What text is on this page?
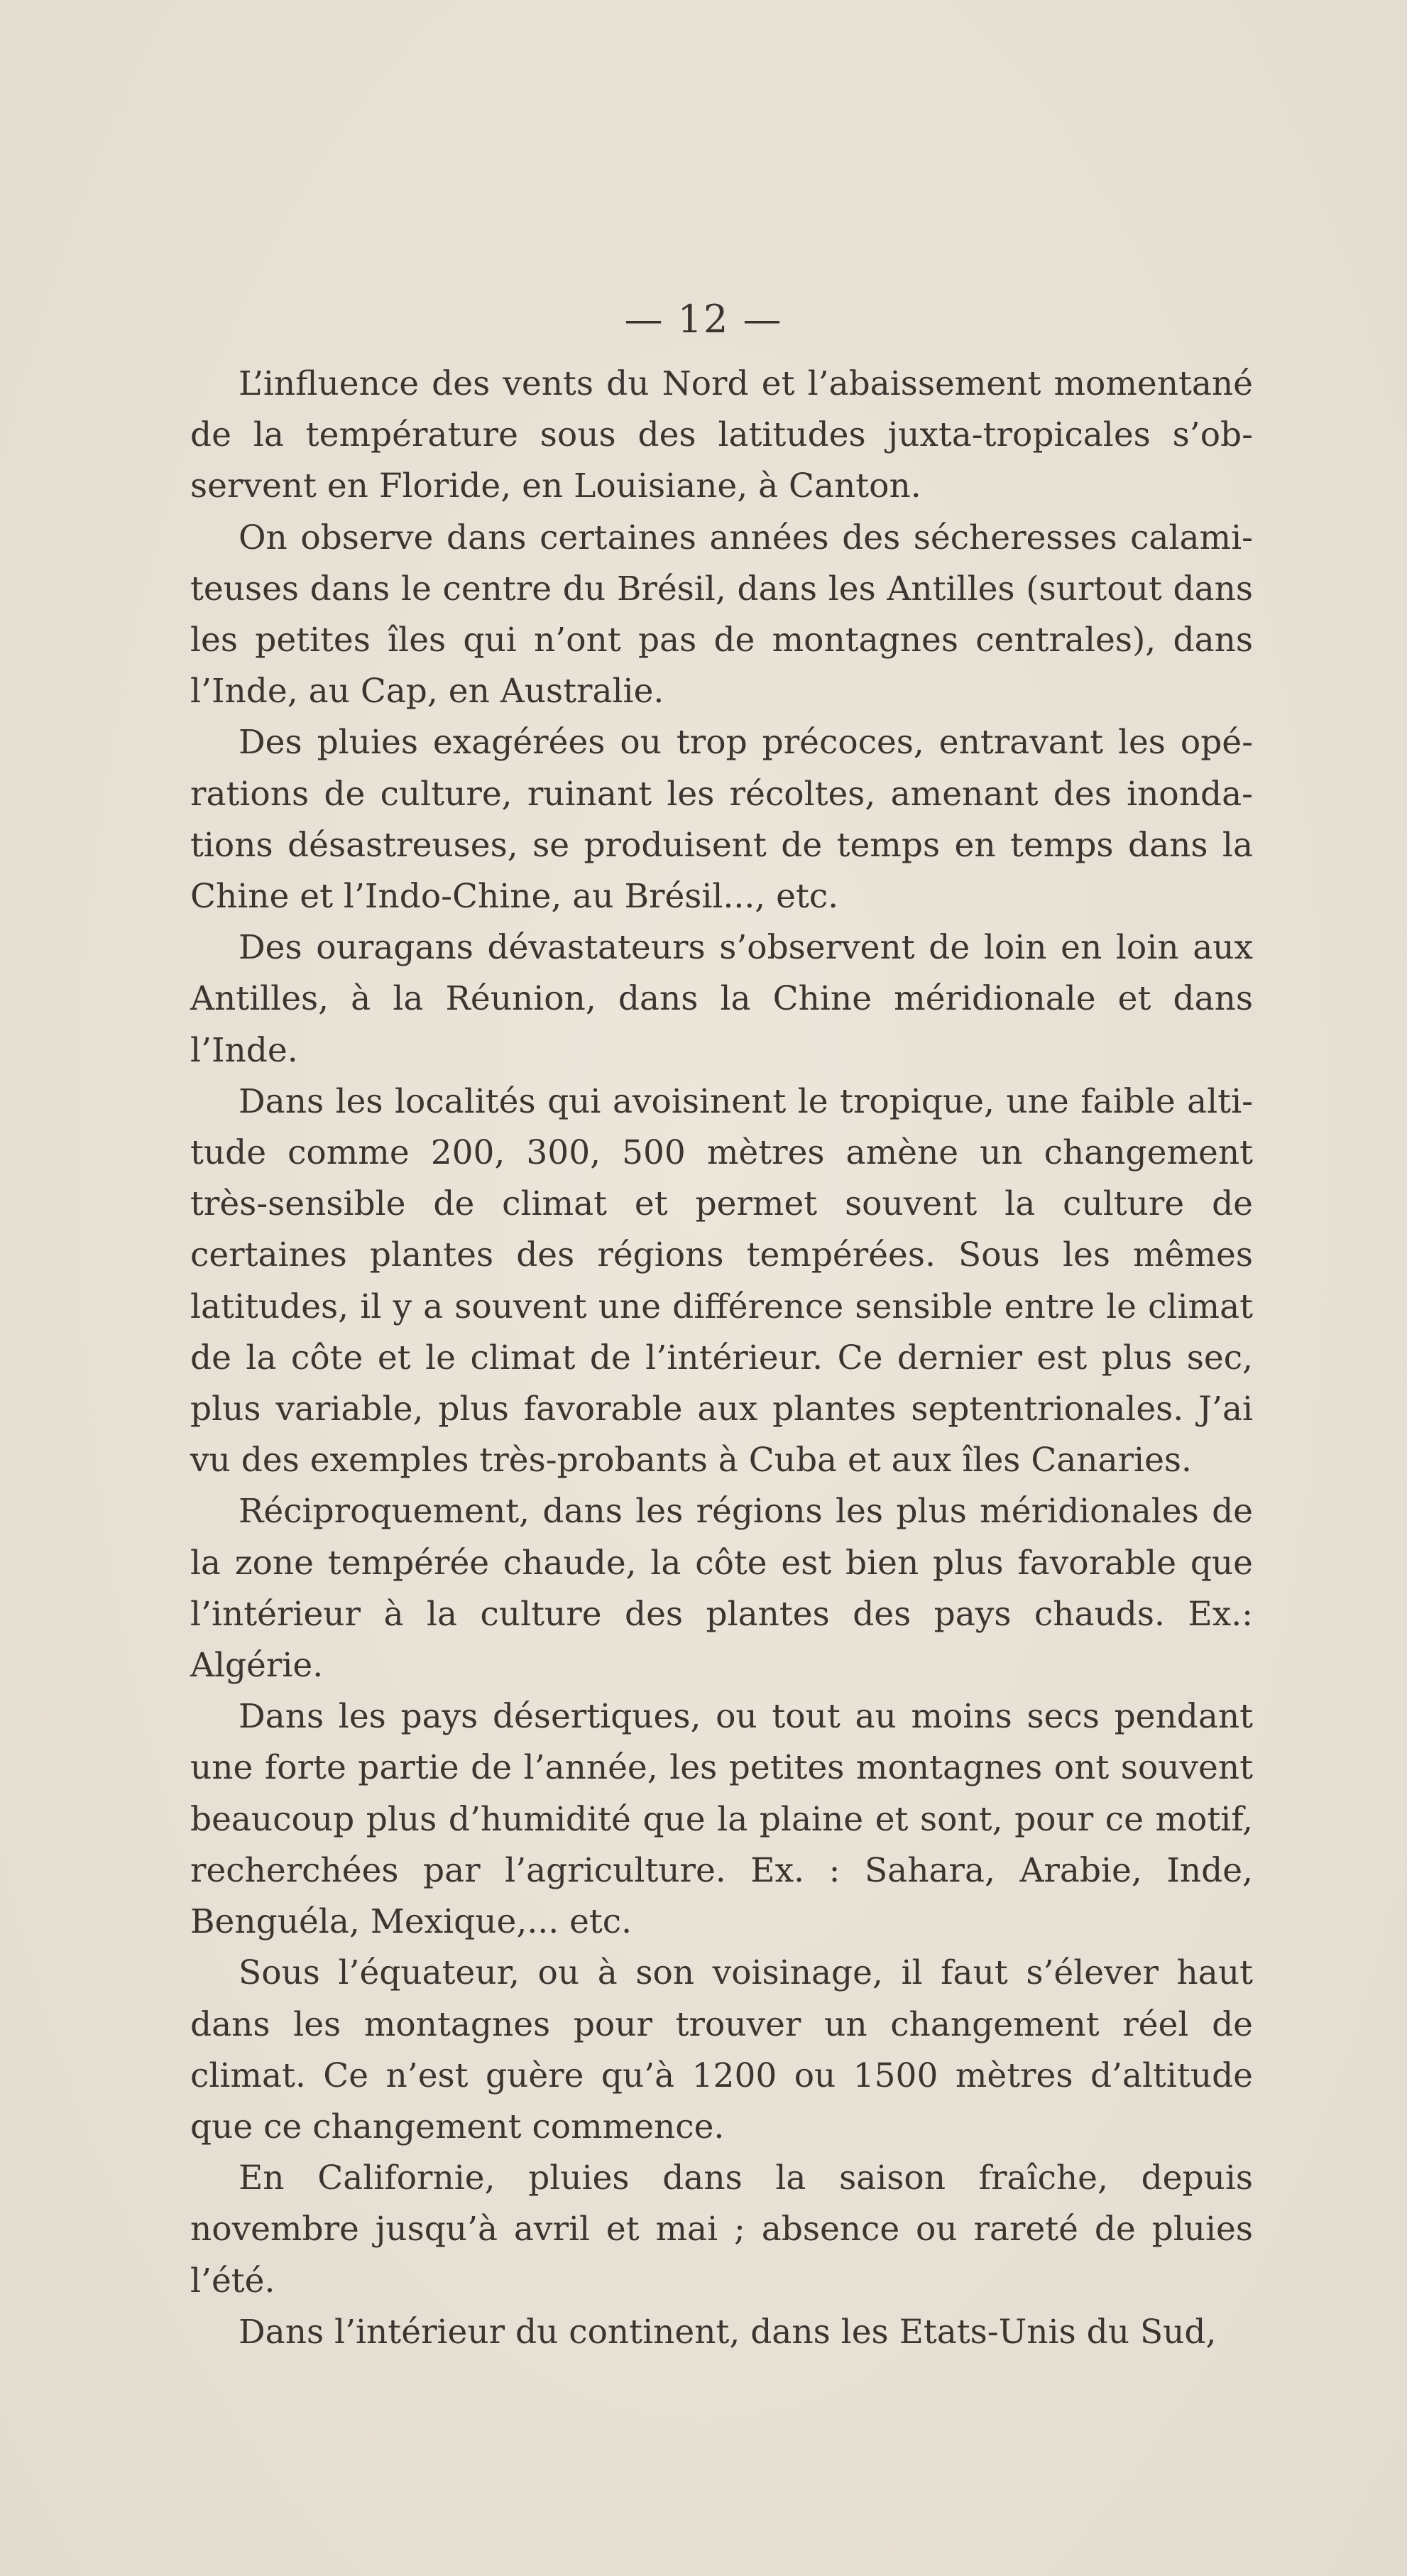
— 12 —

L’influence des vents du Nord et l’abaissement momentané de la température sous des latitudes juxta-tropicales s’observent en Floride, en Louisiane, à Canton.

On observe dans certaines années des sécheresses calamiteuses dans le centre du Brésil, dans les Antilles (surtout dans les petites îles qui n’ont pas de montagnes centrales), dans l’Inde, au Cap, en Australie.

Des pluies exagérées ou trop précoces, entravant les opérations de culture, ruinant les récoltes, amenant des inondations désastreuses, se produisent de temps en temps dans la Chine et l’Indo-Chine, au Brésil..., etc.

Des ouragans dévastateurs s’observent de loin en loin aux Antilles, à la Réunion, dans la Chine méridionale et dans l’Inde.

Dans les localités qui avoisinent le tropique, une faible altitude comme 200, 300, 500 mètres amène un changement très-sensible de climat et permet souvent la culture de certaines plantes des régions tempérées. Sous les mêmes latitudes, il y a souvent une différence sensible entre le climat de la côte et le climat de l’intérieur. Ce dernier est plus sec, plus variable, plus favorable aux plantes septentrionales. J’ai vu des exemples très-probants à Cuba et aux îles Canaries.

Réciproquement, dans les régions les plus méridionales de la zone tempérée chaude, la côte est bien plus favorable que l’intérieur à la culture des plantes des pays chauds. Ex.: Algérie.

Dans les pays désertiques, ou tout au moins secs pendant une forte partie de l’année, les petites montagnes ont souvent beaucoup plus d’humidité que la plaine et sont, pour ce motif, recherchées par l’agriculture. Ex. : Sahara, Arabie, Inde, Benguéla, Mexique,... etc.

Sous l’équateur, ou à son voisinage, il faut s’élever haut dans les montagnes pour trouver un changement réel de climat. Ce n’est guère qu’à 1200 ou 1500 mètres d’altitude que ce changement commence.

En Californie, pluies dans la saison fraîche, depuis novembre jusqu’à avril et mai ; absence ou rareté de pluies l’été.

Dans l’intérieur du continent, dans les Etats-Unis du Sud,
